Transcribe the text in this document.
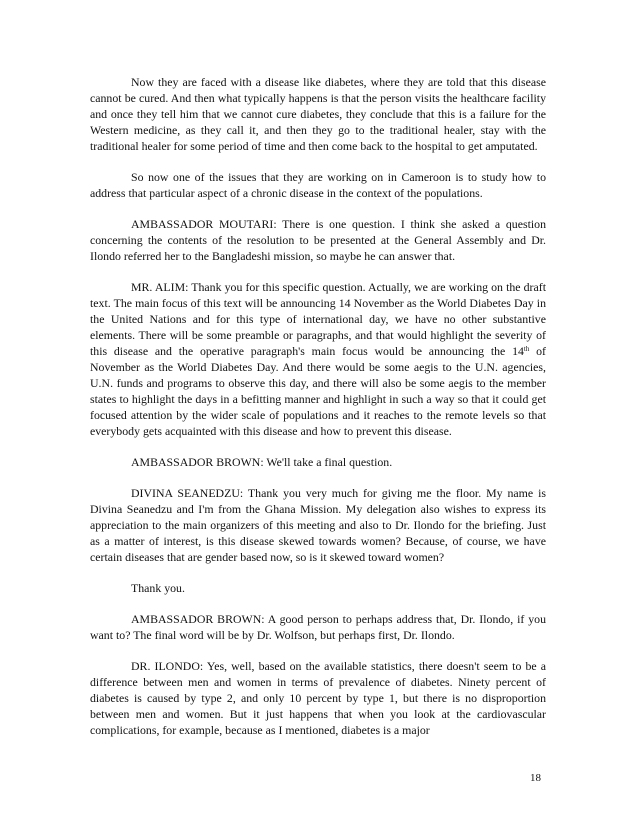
Now they are faced with a disease like diabetes, where they are told that this disease cannot be cured. And then what typically happens is that the person visits the healthcare facility and once they tell him that we cannot cure diabetes, they conclude that this is a failure for the Western medicine, as they call it, and then they go to the traditional healer, stay with the traditional healer for some period of time and then come back to the hospital to get amputated.

So now one of the issues that they are working on in Cameroon is to study how to address that particular aspect of a chronic disease in the context of the populations.

AMBASSADOR MOUTARI: There is one question. I think she asked a question concerning the contents of the resolution to be presented at the General Assembly and Dr. Ilondo referred her to the Bangladeshi mission, so maybe he can answer that.

MR. ALIM: Thank you for this specific question. Actually, we are working on the draft text. The main focus of this text will be announcing 14 November as the World Diabetes Day in the United Nations and for this type of international day, we have no other substantive elements. There will be some preamble or paragraphs, and that would highlight the severity of this disease and the operative paragraph's main focus would be announcing the 14th of November as the World Diabetes Day. And there would be some aegis to the U.N. agencies, U.N. funds and programs to observe this day, and there will also be some aegis to the member states to highlight the days in a befitting manner and highlight in such a way so that it could get focused attention by the wider scale of populations and it reaches to the remote levels so that everybody gets acquainted with this disease and how to prevent this disease.

AMBASSADOR BROWN: We'll take a final question.

DIVINA SEANEDZU: Thank you very much for giving me the floor. My name is Divina Seanedzu and I'm from the Ghana Mission. My delegation also wishes to express its appreciation to the main organizers of this meeting and also to Dr. Ilondo for the briefing. Just as a matter of interest, is this disease skewed towards women? Because, of course, we have certain diseases that are gender based now, so is it skewed toward women?

Thank you.

AMBASSADOR BROWN: A good person to perhaps address that, Dr. Ilondo, if you want to? The final word will be by Dr. Wolfson, but perhaps first, Dr. Ilondo.

DR. ILONDO: Yes, well, based on the available statistics, there doesn't seem to be a difference between men and women in terms of prevalence of diabetes. Ninety percent of diabetes is caused by type 2, and only 10 percent by type 1, but there is no disproportion between men and women. But it just happens that when you look at the cardiovascular complications, for example, because as I mentioned, diabetes is a major

18
